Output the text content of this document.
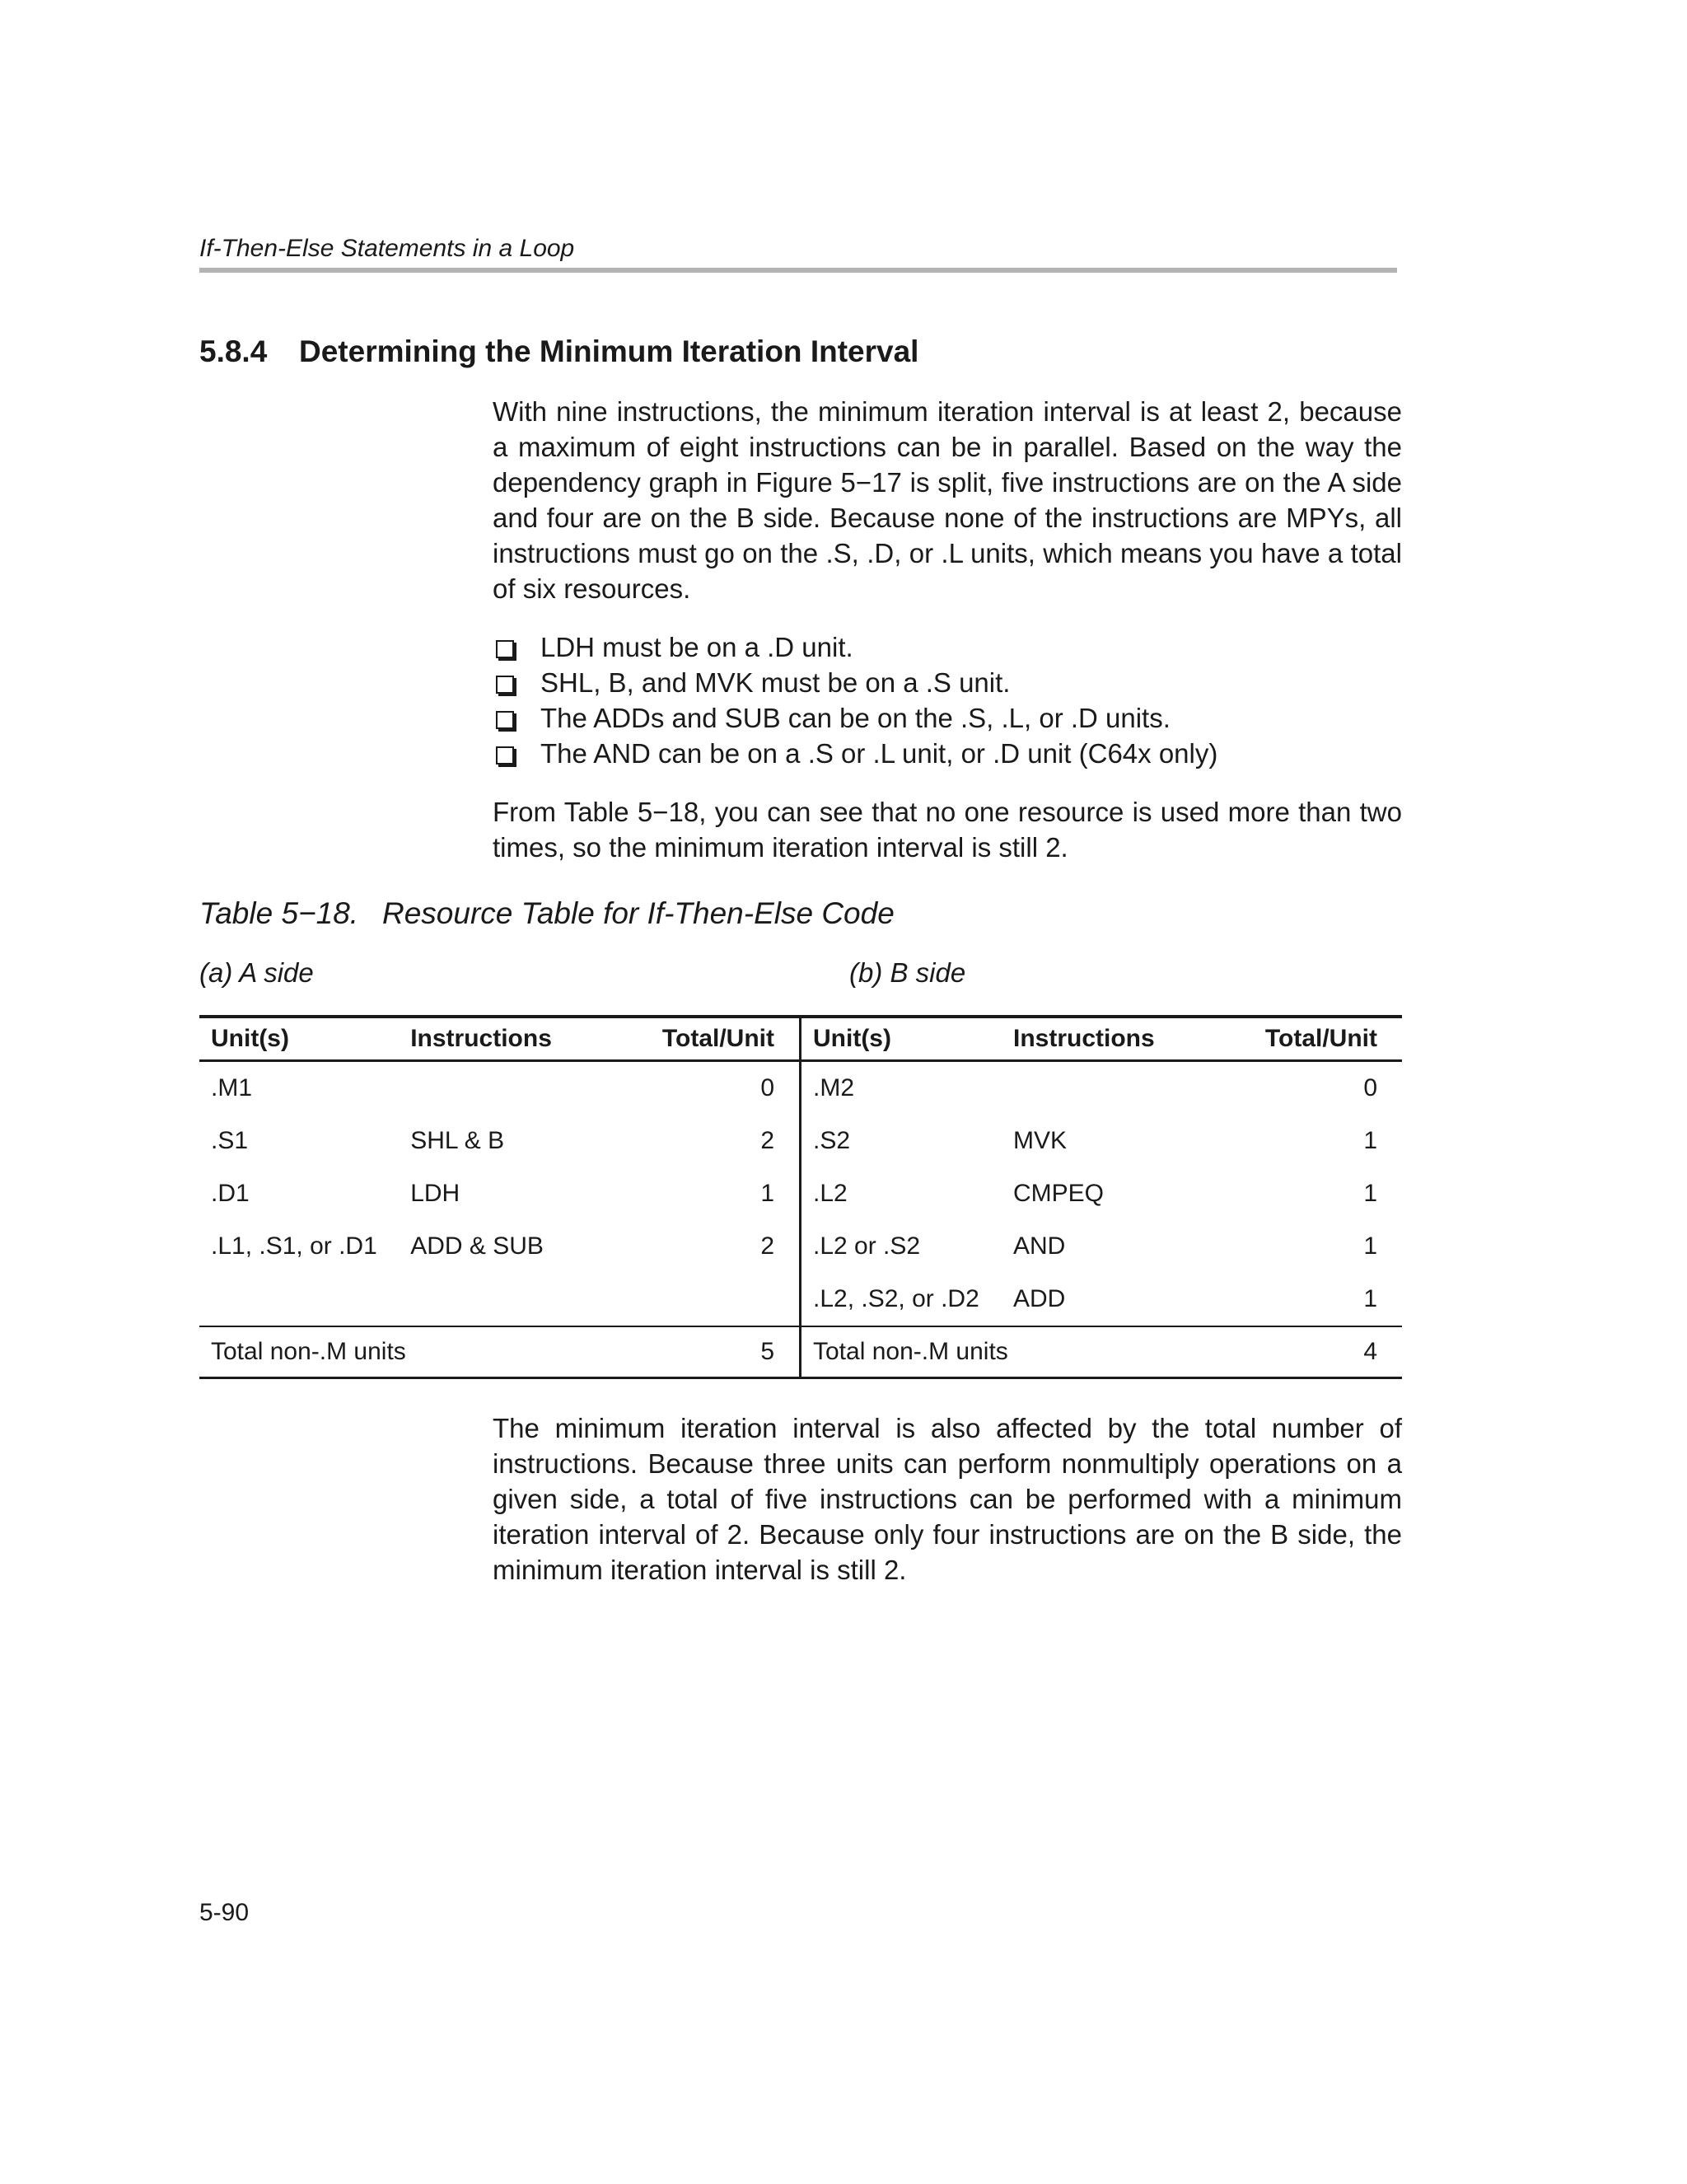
If-Then-Else Statements in a Loop
5.8.4 Determining the Minimum Iteration Interval

With nine instructions, the minimum iteration interval is at least 2, because a maximum of eight instructions can be in parallel. Based on the way the dependency graph in Figure 5−17 is split, five instructions are on the A side and four are on the B side. Because none of the instructions are MPYs, all instructions must go on the .S, .D, or .L units, which means you have a total of six resources.

LDH must be on a .D unit.
SHL, B, and MVK must be on a .S unit.
The ADDs and SUB can be on the .S, .L, or .D units.
The AND can be on a .S or .L unit, or .D unit (C64x only)

From Table 5−18, you can see that no one resource is used more than two times, so the minimum iteration interval is still 2.

Table 5−18. Resource Table for If-Then-Else Code
(a) A side	(b) B side
Unit(s)	Instructions	Total/Unit
.M1		0
.S1	SHL & B	2
.D1	LDH	1
.L1, .S1, or .D1	ADD & SUB	2

Total non-.M units		5
Unit(s)	Instructions	Total/Unit
.M2		0
.S2	MVK	1
.L2	CMPEQ	1
.L2 or .S2	AND	1
.L2, .S2, or .D2	ADD	1
Total non-.M units		4

The minimum iteration interval is also affected by the total number of instructions. Because three units can perform nonmultiply operations on a given side, a total of five instructions can be performed with a minimum iteration interval of 2. Because only four instructions are on the B side, the minimum iteration interval is still 2.

5-90
